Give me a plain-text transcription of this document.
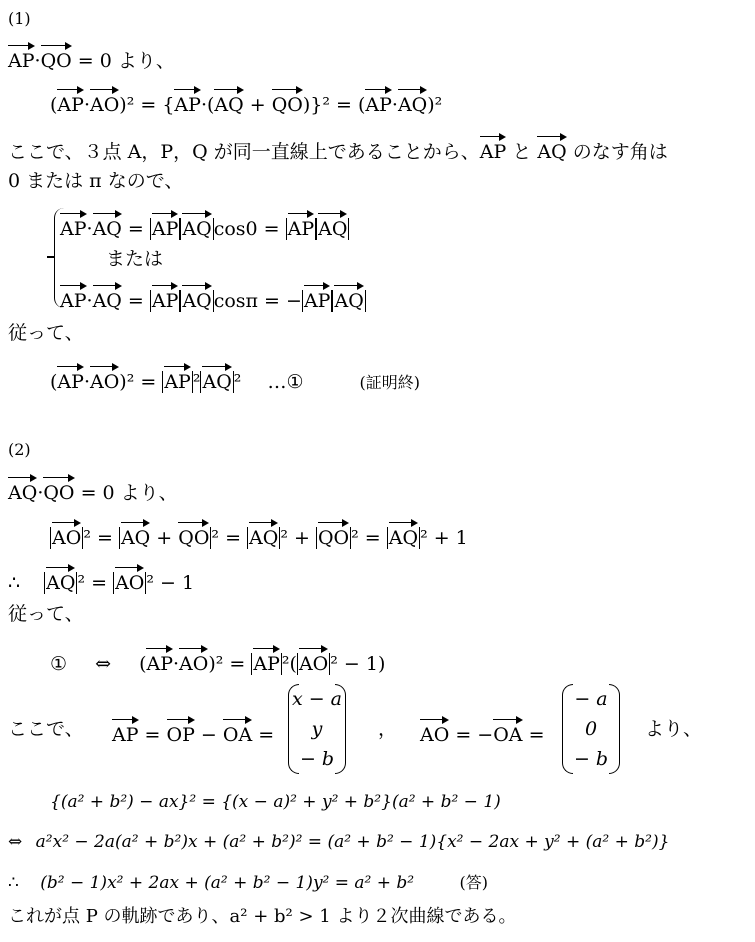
(1)
AP·QO = 0 より、
(AP·AO)² = {AP·(AQ + QO)}² = (AP·AQ)²
ここで、３点 A，P，Q が同一直線上であることから、AP と AQ のなす角は
0 または π なので、
AP·AQ = AP AQ cos0 = AP AQ
または
AP·AQ = AP AQ cosπ = − AP AQ
従って、
(AP·AO)² = AP ² AQ ² …①	(証明終)
(2)
AQ·QO = 0 より、
AO ² = AQ + QO ² = AQ ² + QO ² = AQ ² + 1
∴ AQ ² = AO ² − 1
従って、
① ⇔ (AP·AO)² = AP ²( AO ² − 1)
ここで、 AP = OP − OA =
x − a
y
− b
， AO = −OA =
− a
0
− b
より、
{(a² + b²) − ax}² = {(x − a)² + y² + b²}(a² + b² − 1)
⇔ a²x² − 2a(a² + b²)x + (a² + b²)² = (a² + b² − 1){x² − 2ax + y² + (a² + b²)}
∴ (b² − 1)x² + 2ax + (a² + b² − 1)y² = a² + b²	(答)
これが点 P の軌跡であり、a² + b² > 1 より２次曲線である。
